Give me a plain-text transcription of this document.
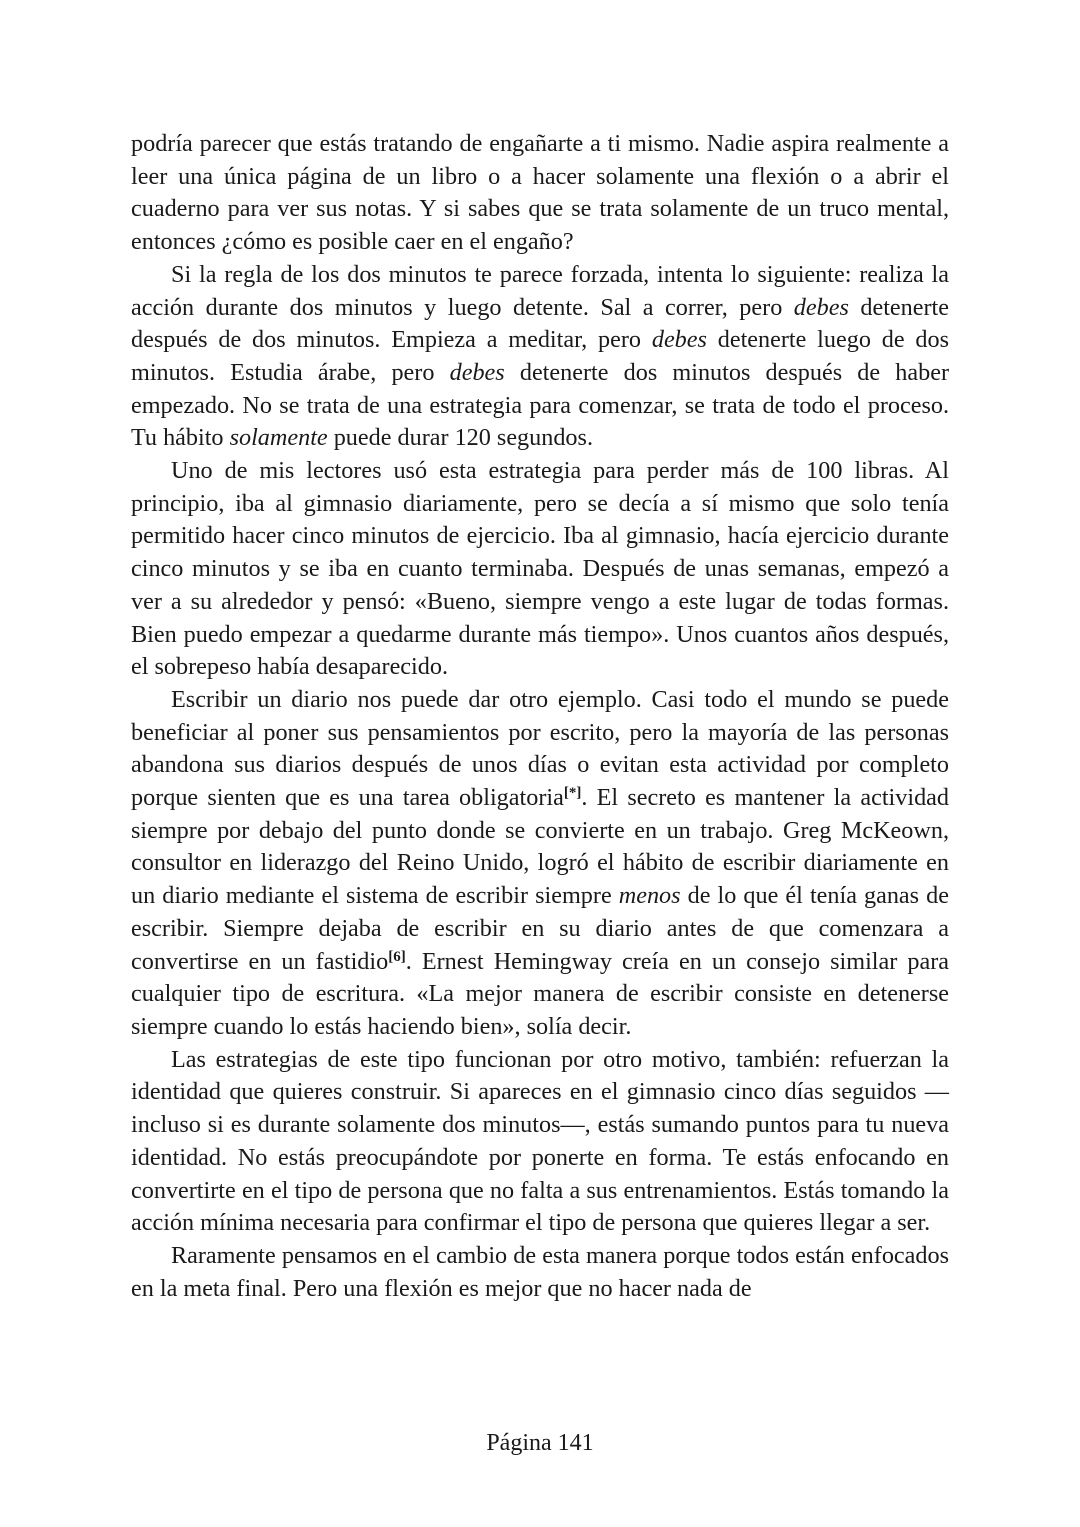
podría parecer que estás tratando de engañarte a ti mismo. Nadie aspira realmente a leer una única página de un libro o a hacer solamente una flexión o a abrir el cuaderno para ver sus notas. Y si sabes que se trata solamente de un truco mental, entonces ¿cómo es posible caer en el engaño?

Si la regla de los dos minutos te parece forzada, intenta lo siguiente: realiza la acción durante dos minutos y luego detente. Sal a correr, pero debes detenerte después de dos minutos. Empieza a meditar, pero debes detenerte luego de dos minutos. Estudia árabe, pero debes detenerte dos minutos después de haber empezado. No se trata de una estrategia para comenzar, se trata de todo el proceso. Tu hábito solamente puede durar 120 segundos.

Uno de mis lectores usó esta estrategia para perder más de 100 libras. Al principio, iba al gimnasio diariamente, pero se decía a sí mismo que solo tenía permitido hacer cinco minutos de ejercicio. Iba al gimnasio, hacía ejercicio durante cinco minutos y se iba en cuanto terminaba. Después de unas semanas, empezó a ver a su alrededor y pensó: «Bueno, siempre vengo a este lugar de todas formas. Bien puedo empezar a quedarme durante más tiempo». Unos cuantos años después, el sobrepeso había desaparecido.

Escribir un diario nos puede dar otro ejemplo. Casi todo el mundo se puede beneficiar al poner sus pensamientos por escrito, pero la mayoría de las personas abandona sus diarios después de unos días o evitan esta actividad por completo porque sienten que es una tarea obligatoria[*]. El secreto es mantener la actividad siempre por debajo del punto donde se convierte en un trabajo. Greg McKeown, consultor en liderazgo del Reino Unido, logró el hábito de escribir diariamente en un diario mediante el sistema de escribir siempre menos de lo que él tenía ganas de escribir. Siempre dejaba de escribir en su diario antes de que comenzara a convertirse en un fastidio[6]. Ernest Hemingway creía en un consejo similar para cualquier tipo de escritura. «La mejor manera de escribir consiste en detenerse siempre cuando lo estás haciendo bien», solía decir.

Las estrategias de este tipo funcionan por otro motivo, también: refuerzan la identidad que quieres construir. Si apareces en el gimnasio cinco días seguidos —incluso si es durante solamente dos minutos—, estás sumando puntos para tu nueva identidad. No estás preocupándote por ponerte en forma. Te estás enfocando en convertirte en el tipo de persona que no falta a sus entrenamientos. Estás tomando la acción mínima necesaria para confirmar el tipo de persona que quieres llegar a ser.

Raramente pensamos en el cambio de esta manera porque todos están enfocados en la meta final. Pero una flexión es mejor que no hacer nada de

Página 141
